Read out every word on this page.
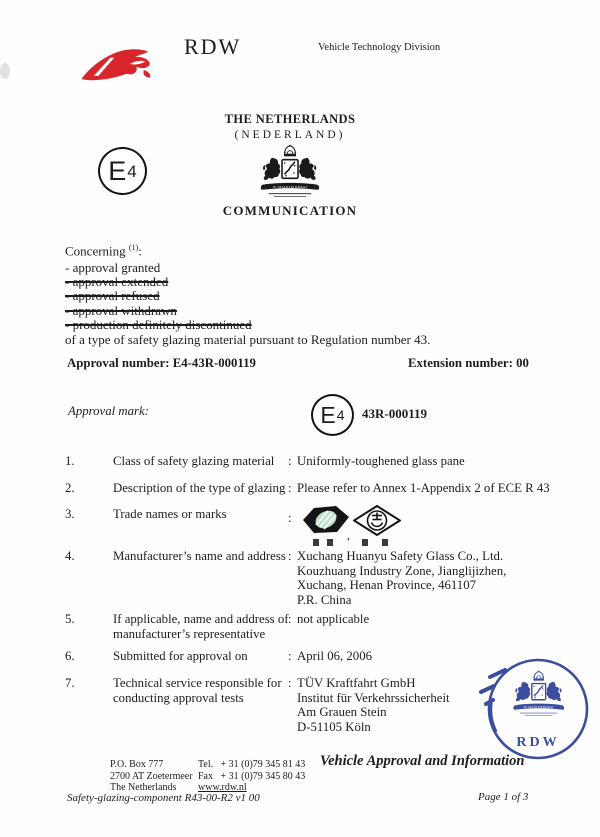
RDW	Vehicle Technology Division
THE NETHERLANDS
(NEDERLAND)
E 4
COMMUNICATION
Concerning $^{(1)}$:
- approval granted
- approval extended
- approval refused
- approval withdrawn
- production definitely discontinued
of a type of safety glazing material pursuant to Regulation number 43.
Approval number: E4-43R-000119	Extension number: 00
Approval mark:	E 4 43R-000119
1.	Class of safety glazing material	: Uniformly-toughened glass pane
2.	Description of the type of glazing : Please refer to Annex 1-Appendix 2 of ECE R 43
3.	Trade names or marks	:
,
4.	Manufacturer’s name and address : Xuchang Huanyu Safety Glass Co., Ltd.
Kouzhuang Industry Zone, Jianglijizhen,
Xuchang, Henan Province, 461107
P.R. China
5.	If applicable, name and address of
manufacturer’s representative
: not applicable
6.	Submitted for approval on	: April 06, 2006
7.	Technical service responsible for
conducting approval tests
: TÜV Kraftfahrt GmbH
Institut für Verkehrssicherheit
Am Grauen Stein
D-51105 Köln
RDW
P.O. Box 777
2700 AT Zoetermeer
The Netherlands
Tel. + 31 (0)79 345 81 43
Fax + 31 (0)79 345 80 43
www.rdw.nl
Vehicle Approval and Information
Safety-glazing-component R43-00-R2 v1 00	Page 1 of 3
